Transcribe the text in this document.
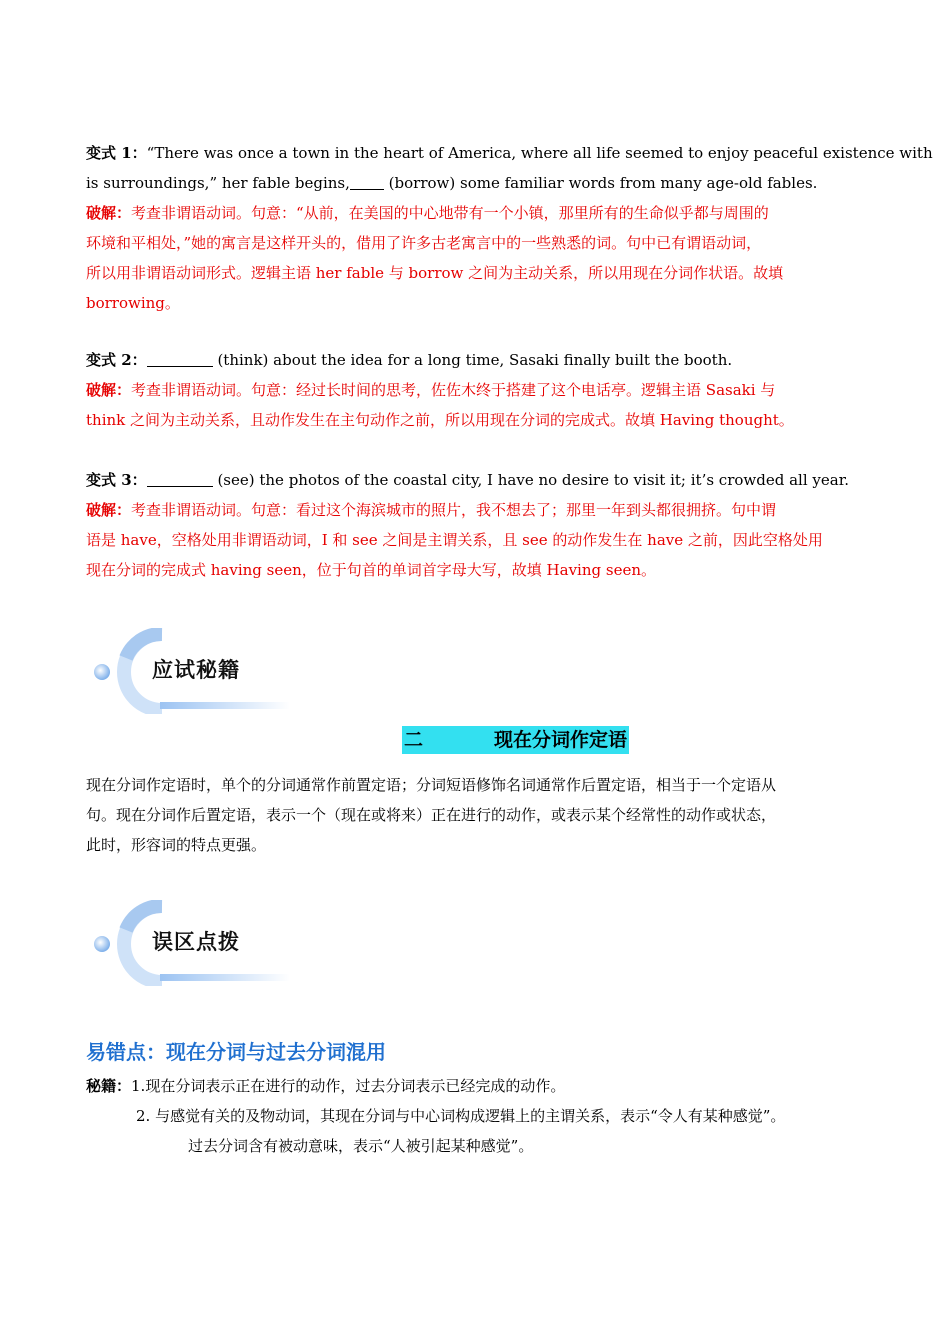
变式 1：“There was once a town in the heart of America, where all life seemed to enjoy peaceful existence with
is surroundings,” her fable begins, (borrow) some familiar words from many age-old fables.
破解：考查非谓语动词。句意：“从前，在美国的中心地带有一个小镇，那里所有的生命似乎都与周围的
环境和平相处，”她的寓言是这样开头的，借用了许多古老寓言中的一些熟悉的词。句中已有谓语动词，
所以用非谓语动词形式。逻辑主语 her fable 与 borrow 之间为主动关系，所以用现在分词作状语。故填
borrowing。
变式 2：	(think) about the idea for a long time, Sasaki finally built the booth.
破解：考查非谓语动词。句意：经过长时间的思考，佐佐木终于搭建了这个电话亭。逻辑主语 Sasaki 与
think 之间为主动关系，且动作发生在主句动作之前，所以用现在分词的完成式。故填 Having thought。
变式 3：	(see) the photos of the coastal city, I have no desire to visit it; it’s crowded all year.
破解：考查非谓语动词。句意：看过这个海滨城市的照片，我不想去了；那里一年到头都很拥挤。句中谓
语是 have，空格处用非谓语动词，I 和 see 之间是主谓关系，且 see 的动作发生在 have 之前，因此空格处用
现在分词的完成式 having seen，位于句首的单词首字母大写，故填 Having seen。
应试秘籍
二	现在分词作定语
现在分词作定语时，单个的分词通常作前置定语；分词短语修饰名词通常作后置定语，相当于一个定语从
句。现在分词作后置定语，表示一个（现在或将来）正在进行的动作，或表示某个经常性的动作或状态，
此时，形容词的特点更强。
误区点拨
易错点：现在分词与过去分词混用
秘籍：1.现在分词表示正在进行的动作，过去分词表示已经完成的动作。
2. 与感觉有关的及物动词，其现在分词与中心词构成逻辑上的主谓关系，表示“令人有某种感觉”。
过去分词含有被动意味，表示“人被引起某种感觉”。
